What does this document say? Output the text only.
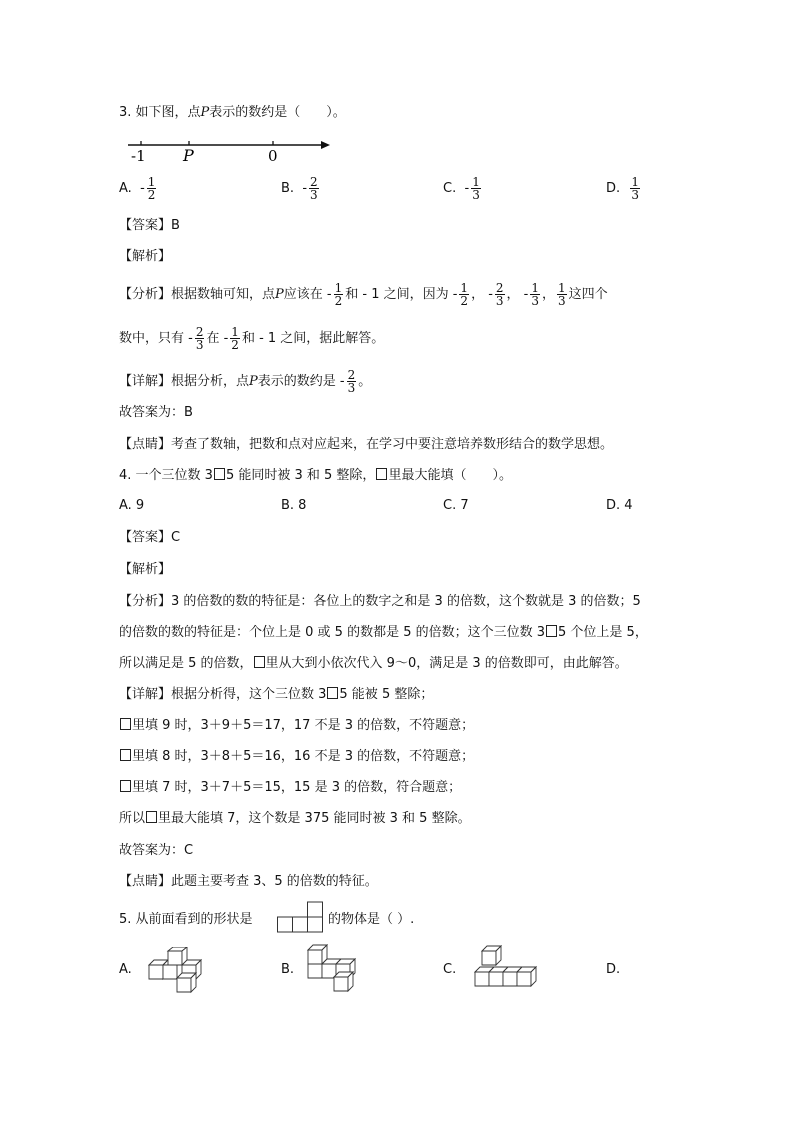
3. 如下图，点P表示的数约是（　　）。
-1 P	0
A. - $\frac{1}{2}$	B. - $\frac{2}{3}$	C. - $\frac{1}{3}$	D. $\frac{1}{3}$
【答案】B
【解析】
【分析】根据数轴可知，点P应该在 - $\frac{1}{2}$ 和 - 1 之间，因为 - $\frac{1}{2}$ ， - $\frac{2}{3}$ ， - $\frac{1}{3}$ ， $\frac{1}{3}$ 这四个
数中，只有 - $\frac{2}{3}$ 在 - $\frac{1}{2}$ 和 - 1 之间，据此解答。
【详解】根据分析，点P表示的数约是 - $\frac{2}{3}$ 。
故答案为：B
【点睛】考查了数轴，把数和点对应起来，在学习中要注意培养数形结合的数学思想。
4. 一个三位数 3 5 能同时被 3 和 5 整除， 里最大能填（　　）。
A. 9	B. 8	C. 7	D. 4
【答案】C
【解析】
【分析】3 的倍数的数的特征是：各位上的数字之和是 3 的倍数，这个数就是 3 的倍数；5
的倍数的数的特征是：个位上是 0 或 5 的数都是 5 的倍数；这个三位数 3 5 个位上是 5，
所以满足是 5 的倍数， 里从大到小依次代入 9～0，满足是 3 的倍数即可，由此解答。
【详解】根据分析得，这个三位数 3 5 能被 5 整除；
里填 9 时，3＋9＋5＝17，17 不是 3 的倍数，不符题意；
里填 8 时，3＋8＋5＝16，16 不是 3 的倍数，不符题意；
里填 7 时，3＋7＋5＝15，15 是 3 的倍数，符合题意；
所以 里最大能填 7，这个数是 375 能同时被 3 和 5 整除。
故答案为：C
【点睛】此题主要考查 3、5 的倍数的特征。
5. 从前面看到的形状是	的物体是（ ）.
A.	B.	C.	D.
